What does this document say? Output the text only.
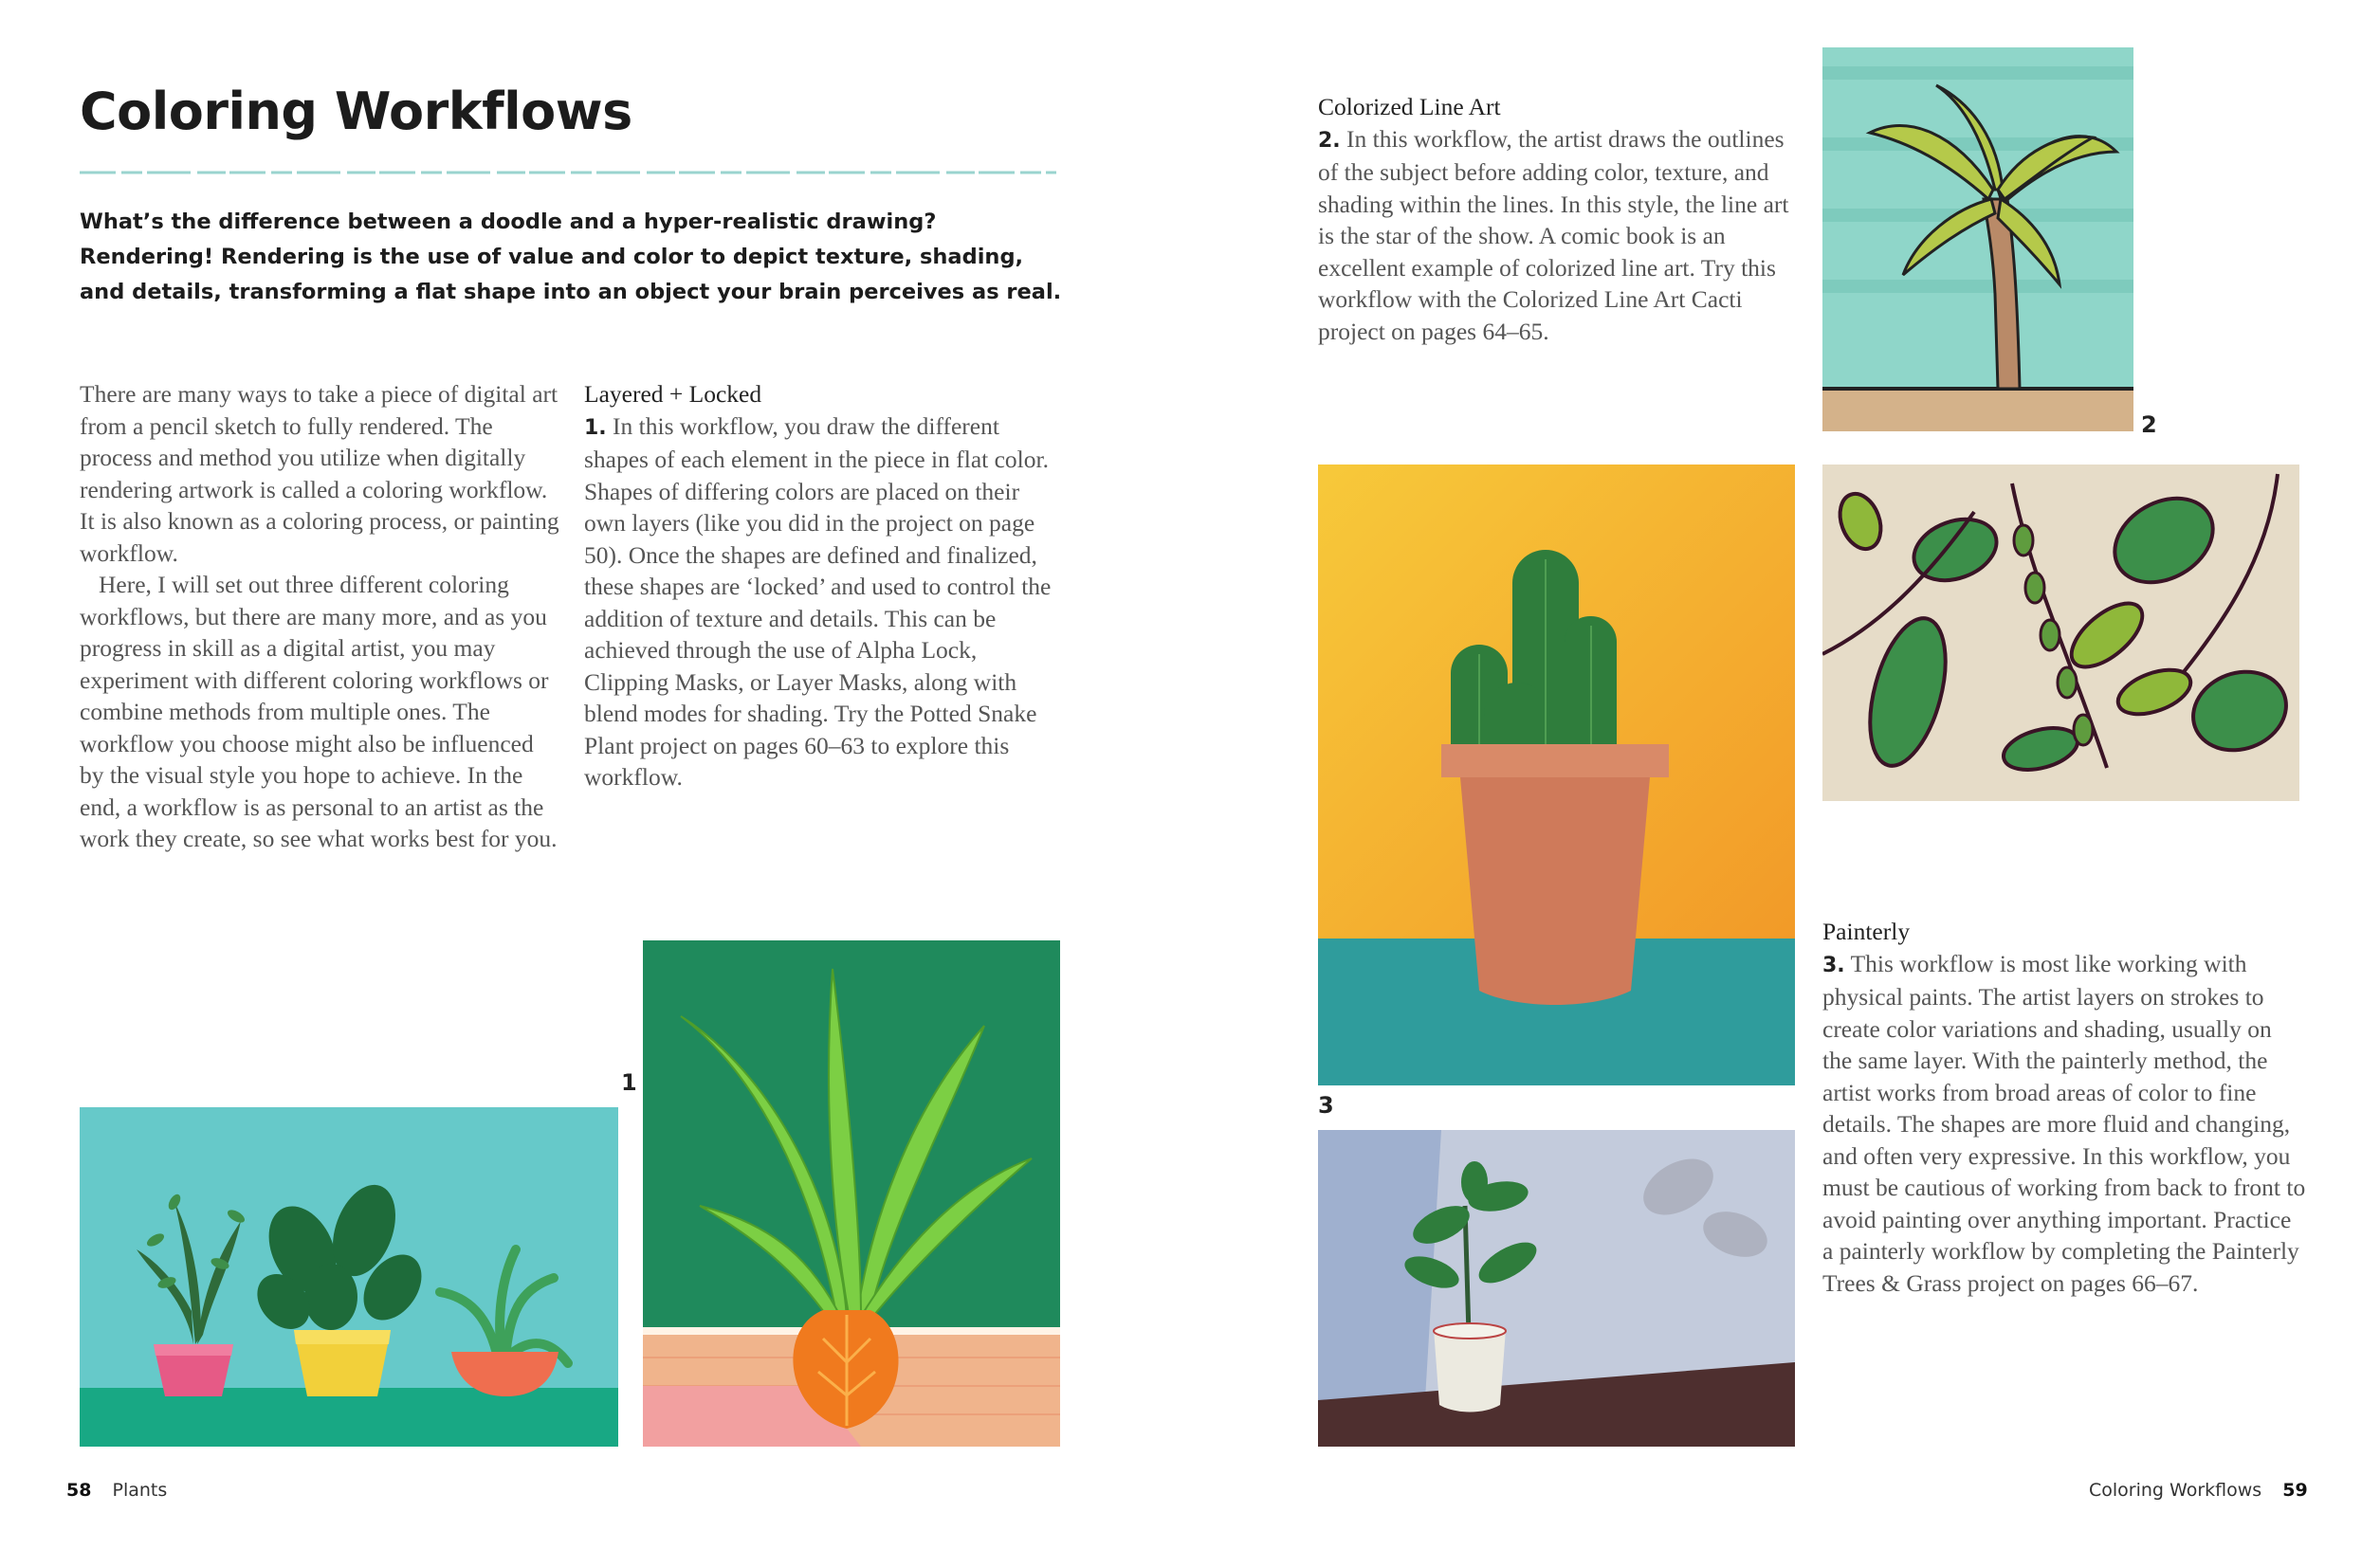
Coloring Workflows
What’s the difference between a doodle and a hyper-realistic drawing? Rendering! Rendering is the use of value and color to depict texture, shading, and details, transforming a flat shape into an object your brain perceives as real.
There are many ways to take a piece of digital art from a pencil sketch to fully rendered. The process and method you utilize when digitally rendering artwork is called a coloring workflow. It is also known as a coloring process, or painting workflow.
Here, I will set out three different coloring workflows, but there are many more, and as you progress in skill as a digital artist, you may experiment with different coloring workflows or combine methods from multiple ones. The workflow you choose might also be influenced by the visual style you hope to achieve. In the end, a workflow is as personal to an artist as the work they create, so see what works best for you.
Layered + Locked
1. In this workflow, you draw the different shapes of each element in the piece in flat color. Shapes of differing colors are placed on their own layers (like you did in the project on page 50). Once the shapes are defined and finalized, these shapes are ‘locked’ and used to control the addition of texture and details. This can be achieved through the use of Alpha Lock, Clipping Masks, or Layer Masks, along with blend modes for shading. Try the Potted Snake Plant project on pages 60–63 to explore this workflow.
1
58 Plants
Colorized Line Art
2. In this workflow, the artist draws the outlines of the subject before adding color, texture, and shading within the lines. In this style, the line art is the star of the show. A comic book is an excellent example of colorized line art. Try this workflow with the Colorized Line Art Cacti project on pages 64–65.
2
Painterly
3. This workflow is most like working with physical paints. The artist layers on strokes to create color variations and shading, usually on the same layer. With the painterly method, the artist works from broad areas of color to fine details. The shapes are more fluid and changing, and often very expressive. In this workflow, you must be cautious of working from back to front to avoid painting over anything important. Practice a painterly workflow by completing the Painterly Trees & Grass project on pages 66–67.
3
Coloring Workflows 59
